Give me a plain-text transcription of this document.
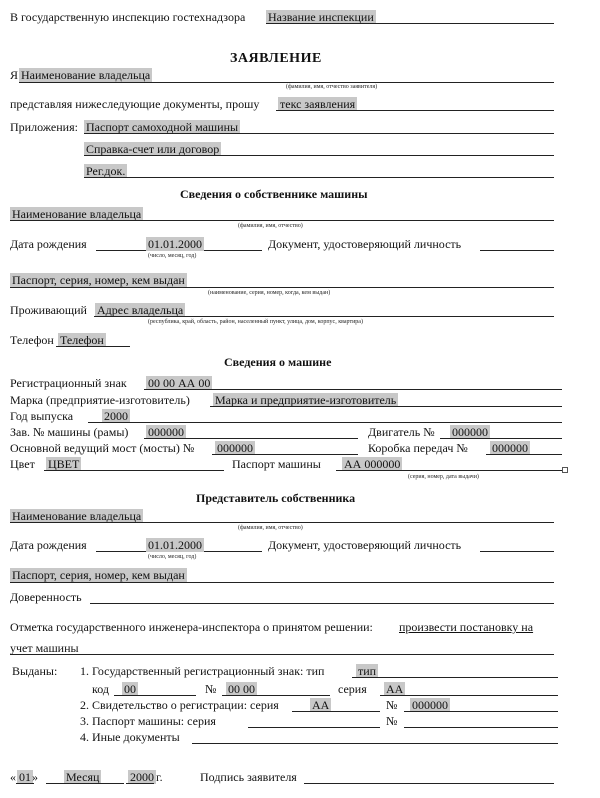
В государственную инспекцию гостехнадзора Название инспекции
ЗАЯВЛЕНИЕ
Я Наименование владельца
(фамилия, имя, отчество заявителя)
представляя нижеследующие документы, прошу текс заявления
Приложения: Паспорт самоходной машины
Справка-счет или договор
Рег.док.
Сведения о собственнике машины
Наименование владельца
(фамилия, имя, отчество)
Дата рождения	01.01.2000	Документ, удостоверяющий личность
(число, месяц, год)
Паспорт, серия, номер, кем выдан
(наименование, серия, номер, когда, кем выдан)
Проживающий Адрес владельца
(республика, край, область, район, населенный пункт, улица, дом, корпус, квартира)
Телефон Телефон
Сведения о машине
Регистрационный знак 00 00 АА 00
Марка (предприятие-изготовитель) Марка и предприятие-изготовитель
Год выпуска	2000
Зав. № машины (рамы) 000000	Двигатель № 000000
Основной ведущий мост (мосты) № 000000	Коробка передач № 000000
Цвет ЦВЕТ	Паспорт машины АА 000000
(серия, номер, дата выдачи)
Представитель собственника
Наименование владельца
(фамилия, имя, отчество)
Дата рождения	01.01.2000	Документ, удостоверяющий личность
(число, месяц, год)
Паспорт, серия, номер, кем выдан
Доверенность
Отметка государственного инженера-инспектора о принятом решении: произвести постановку на
учет машины
Выданы: 1. Государственный регистрационный знак: тип	тип
код 00	№ 00 00	серия АА
2. Свидетельство о регистрации: серия	АА	№ 000000
3. Паспорт машины: серия	№
4. Иные документы
« 01 » Месяц	2000 г.	Подпись заявителя
